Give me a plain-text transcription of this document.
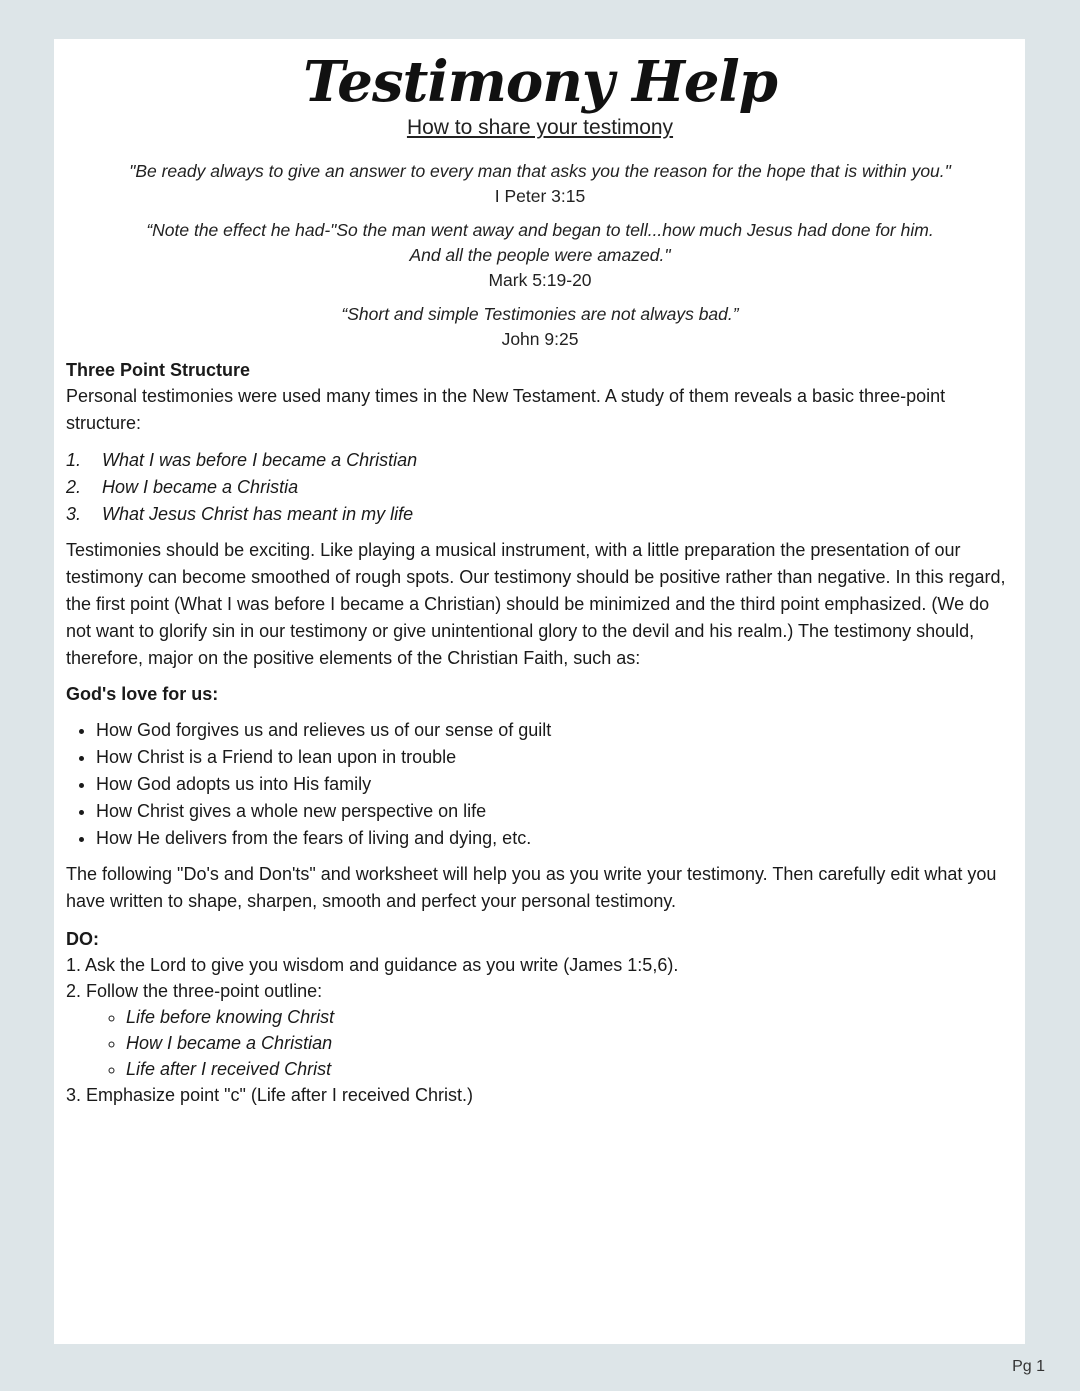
Testimony Help
How to share your testimony
"Be ready always to give an answer to every man that asks you the reason for the hope that is within you."
I Peter 3:15
“Note the effect he had-"So the man went away and began to tell...how much Jesus had done for him.
And all the people were amazed."
Mark 5:19-20
“Short and simple Testimonies are not always bad.”
John 9:25
Three Point Structure

Personal testimonies were used many times in the New Testament. A study of them reveals a basic three-point structure:

1.	What I was before I became a Christian
2.	How I became a Christia
3.	What Jesus Christ has meant in my life

Testimonies should be exciting. Like playing a musical instrument, with a little preparation the presentation of our testimony can become smoothed of rough spots. Our testimony should be positive rather than negative. In this regard, the first point (What I was before I became a Christian) should be minimized and the third point emphasized. (We do not want to glorify sin in our testimony or give unintentional glory to the devil and his realm.) The testimony should, therefore, major on the positive elements of the Christian Faith, such as:

God's love for us:
• How God forgives us and relieves us of our sense of guilt
• How Christ is a Friend to lean upon in trouble
• How God adopts us into His family
• How Christ gives a whole new perspective on life
• How He delivers from the fears of living and dying, etc.

The following "Do's and Don'ts" and worksheet will help you as you write your testimony. Then carefully edit what you have written to shape, sharpen, smooth and perfect your personal testimony.

DO:
1. Ask the Lord to give you wisdom and guidance as you write (James 1:5,6).
2. Follow the three-point outline:
◦ Life before knowing Christ
◦ How I became a Christian
◦ Life after I received Christ
3. Emphasize point "c" (Life after I received Christ.)
Pg 1
